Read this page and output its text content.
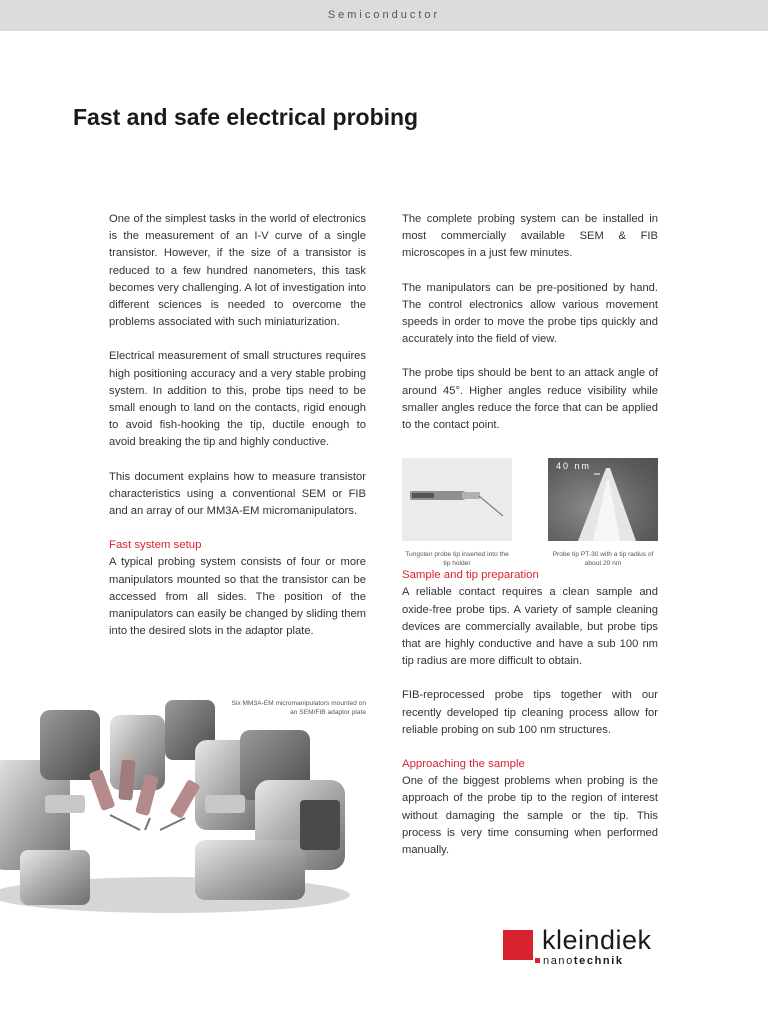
Semiconductor
Fast and safe electrical probing

One of the simplest tasks in the world of electronics is the measurement of an I-V curve of a single transistor. However, if the size of a transistor is reduced to a few hundred nanometers, this task becomes very challenging. A lot of investigation into different sciences is needed to overcome the problems associated with such miniaturization.

Electrical measurement of small structures requires high positioning accuracy and a very stable probing system. In addition to this, probe tips need to be small enough to land on the contacts, rigid enough to avoid fish-hooking the tip, ductile enough to avoid breaking the tip and highly conductive.

This document explains how to measure transistor characteristics using a conventional SEM or FIB and an array of our MM3A-EM micromanipulators.

Fast system setup

A typical probing system consists of four or more manipulators mounted so that the transistor can be accessed from all sides. The position of the manipulators can easily be changed by sliding them into the desired slots in the adaptor plate.

The complete probing system can be installed in most commercially available SEM & FIB microscopes in a just few minutes.

The manipulators can be pre-positioned by hand. The control electronics allow various movement speeds in order to move the probe tips quickly and accurately into the field of view.

The probe tips should be bent to an attack angle of around 45°. Higher angles reduce visibility while smaller angles reduce the force that can be applied to the contact point.

Sample and tip preparation

A reliable contact requires a clean sample and oxide-free probe tips. A variety of sample cleaning devices are commercially available, but probe tips that are highly conductive and have a sub 100 nm tip radius are more difficult to obtain.

FIB-reprocessed probe tips together with our recently developed tip cleaning process allow for reliable probing on sub 100 nm structures.

Approaching the sample

One of the biggest problems when probing is the approach of the probe tip to the region of interest without damaging the sample or the tip. This process is very time consuming when performed manually.

40 nm
Tungsten probe tip inserted into the tip holder
Probe tip PT-30 with a tip radius of about 20 nm
Six MM3A-EM micromanipulators mounted on an SEM/FIB adaptor plate
kleindiek
nanotechnik
